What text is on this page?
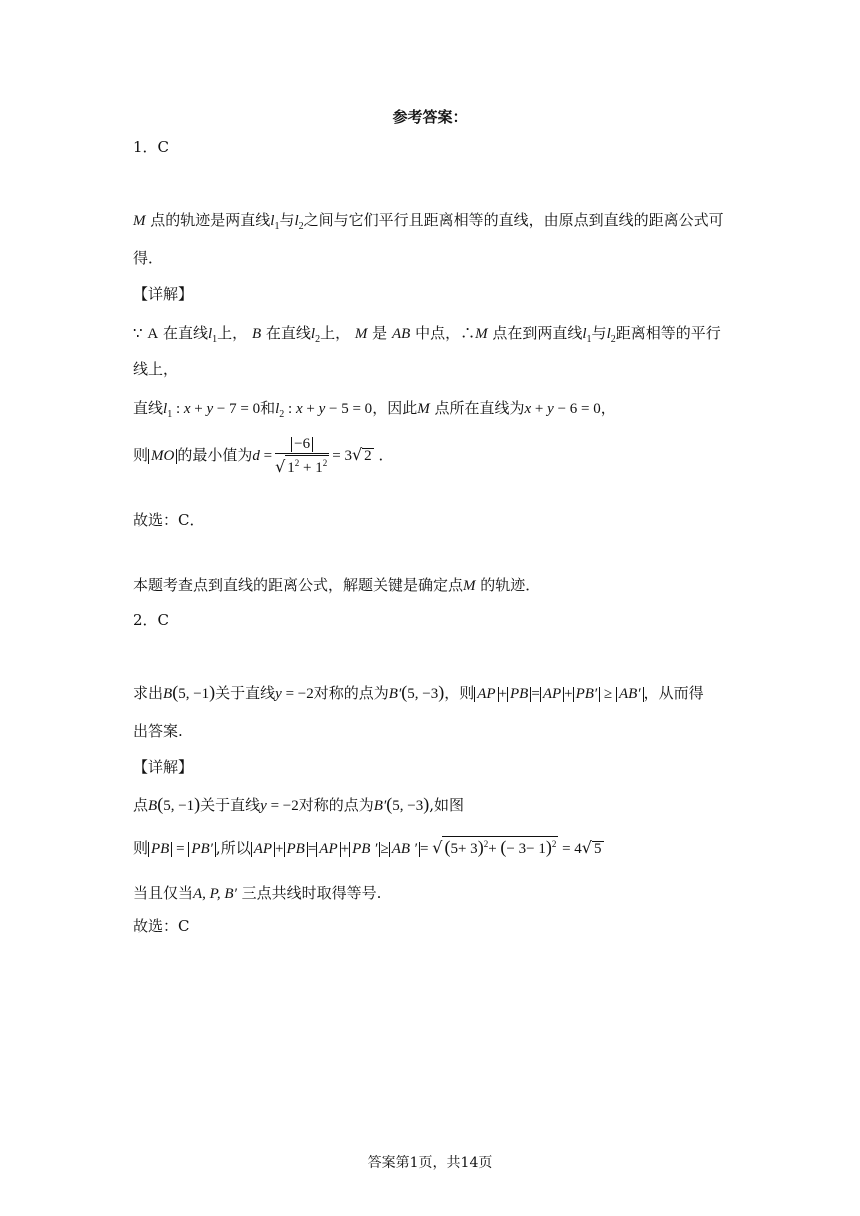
参考答案：
1．C
M 点的轨迹是两直线$l_1$与$l_2$之间与它们平行且距离相等的直线，由原点到直线的距离公式可
得．
【详解】
∵ A 在直线$l_1$上， B 在直线$l_2$上， M 是 AB 中点，∴M 点在到两直线$l_1$与$l_2$距离相等的平行
线上，
直线$l_1$ : x + y − 7 = 0和$l_2$ : x + y − 5 = 0，因此M 点所在直线为x + y − 6 = 0，
则 MO 的最小值为$d = \frac{-6}{√ 1^2 + 1^2} = 3√$ 2 ．
故选：C．
本题考查点到直线的距离公式，解题关键是确定点M 的轨迹．
2．C
求出B(5, −1)关于直线y = −2对称的点为B′(5, −3)，则 AP + PB = AP + PB′ ≥ AB′ ，从而得
出答案.
【详解】
点B(5, −1)关于直线y = −2对称的点为B′(5, −3),如图
则 PB = PB′ ,所以 AP + PB = AP + PB ′ ≥ AB ′ = √ $(5+ 3)^2+$ (− 3− 1)$^2$ = 4√ 5
当且仅当A, P, B′ 三点共线时取得等号.
故选：C
答案第1页，共14页
